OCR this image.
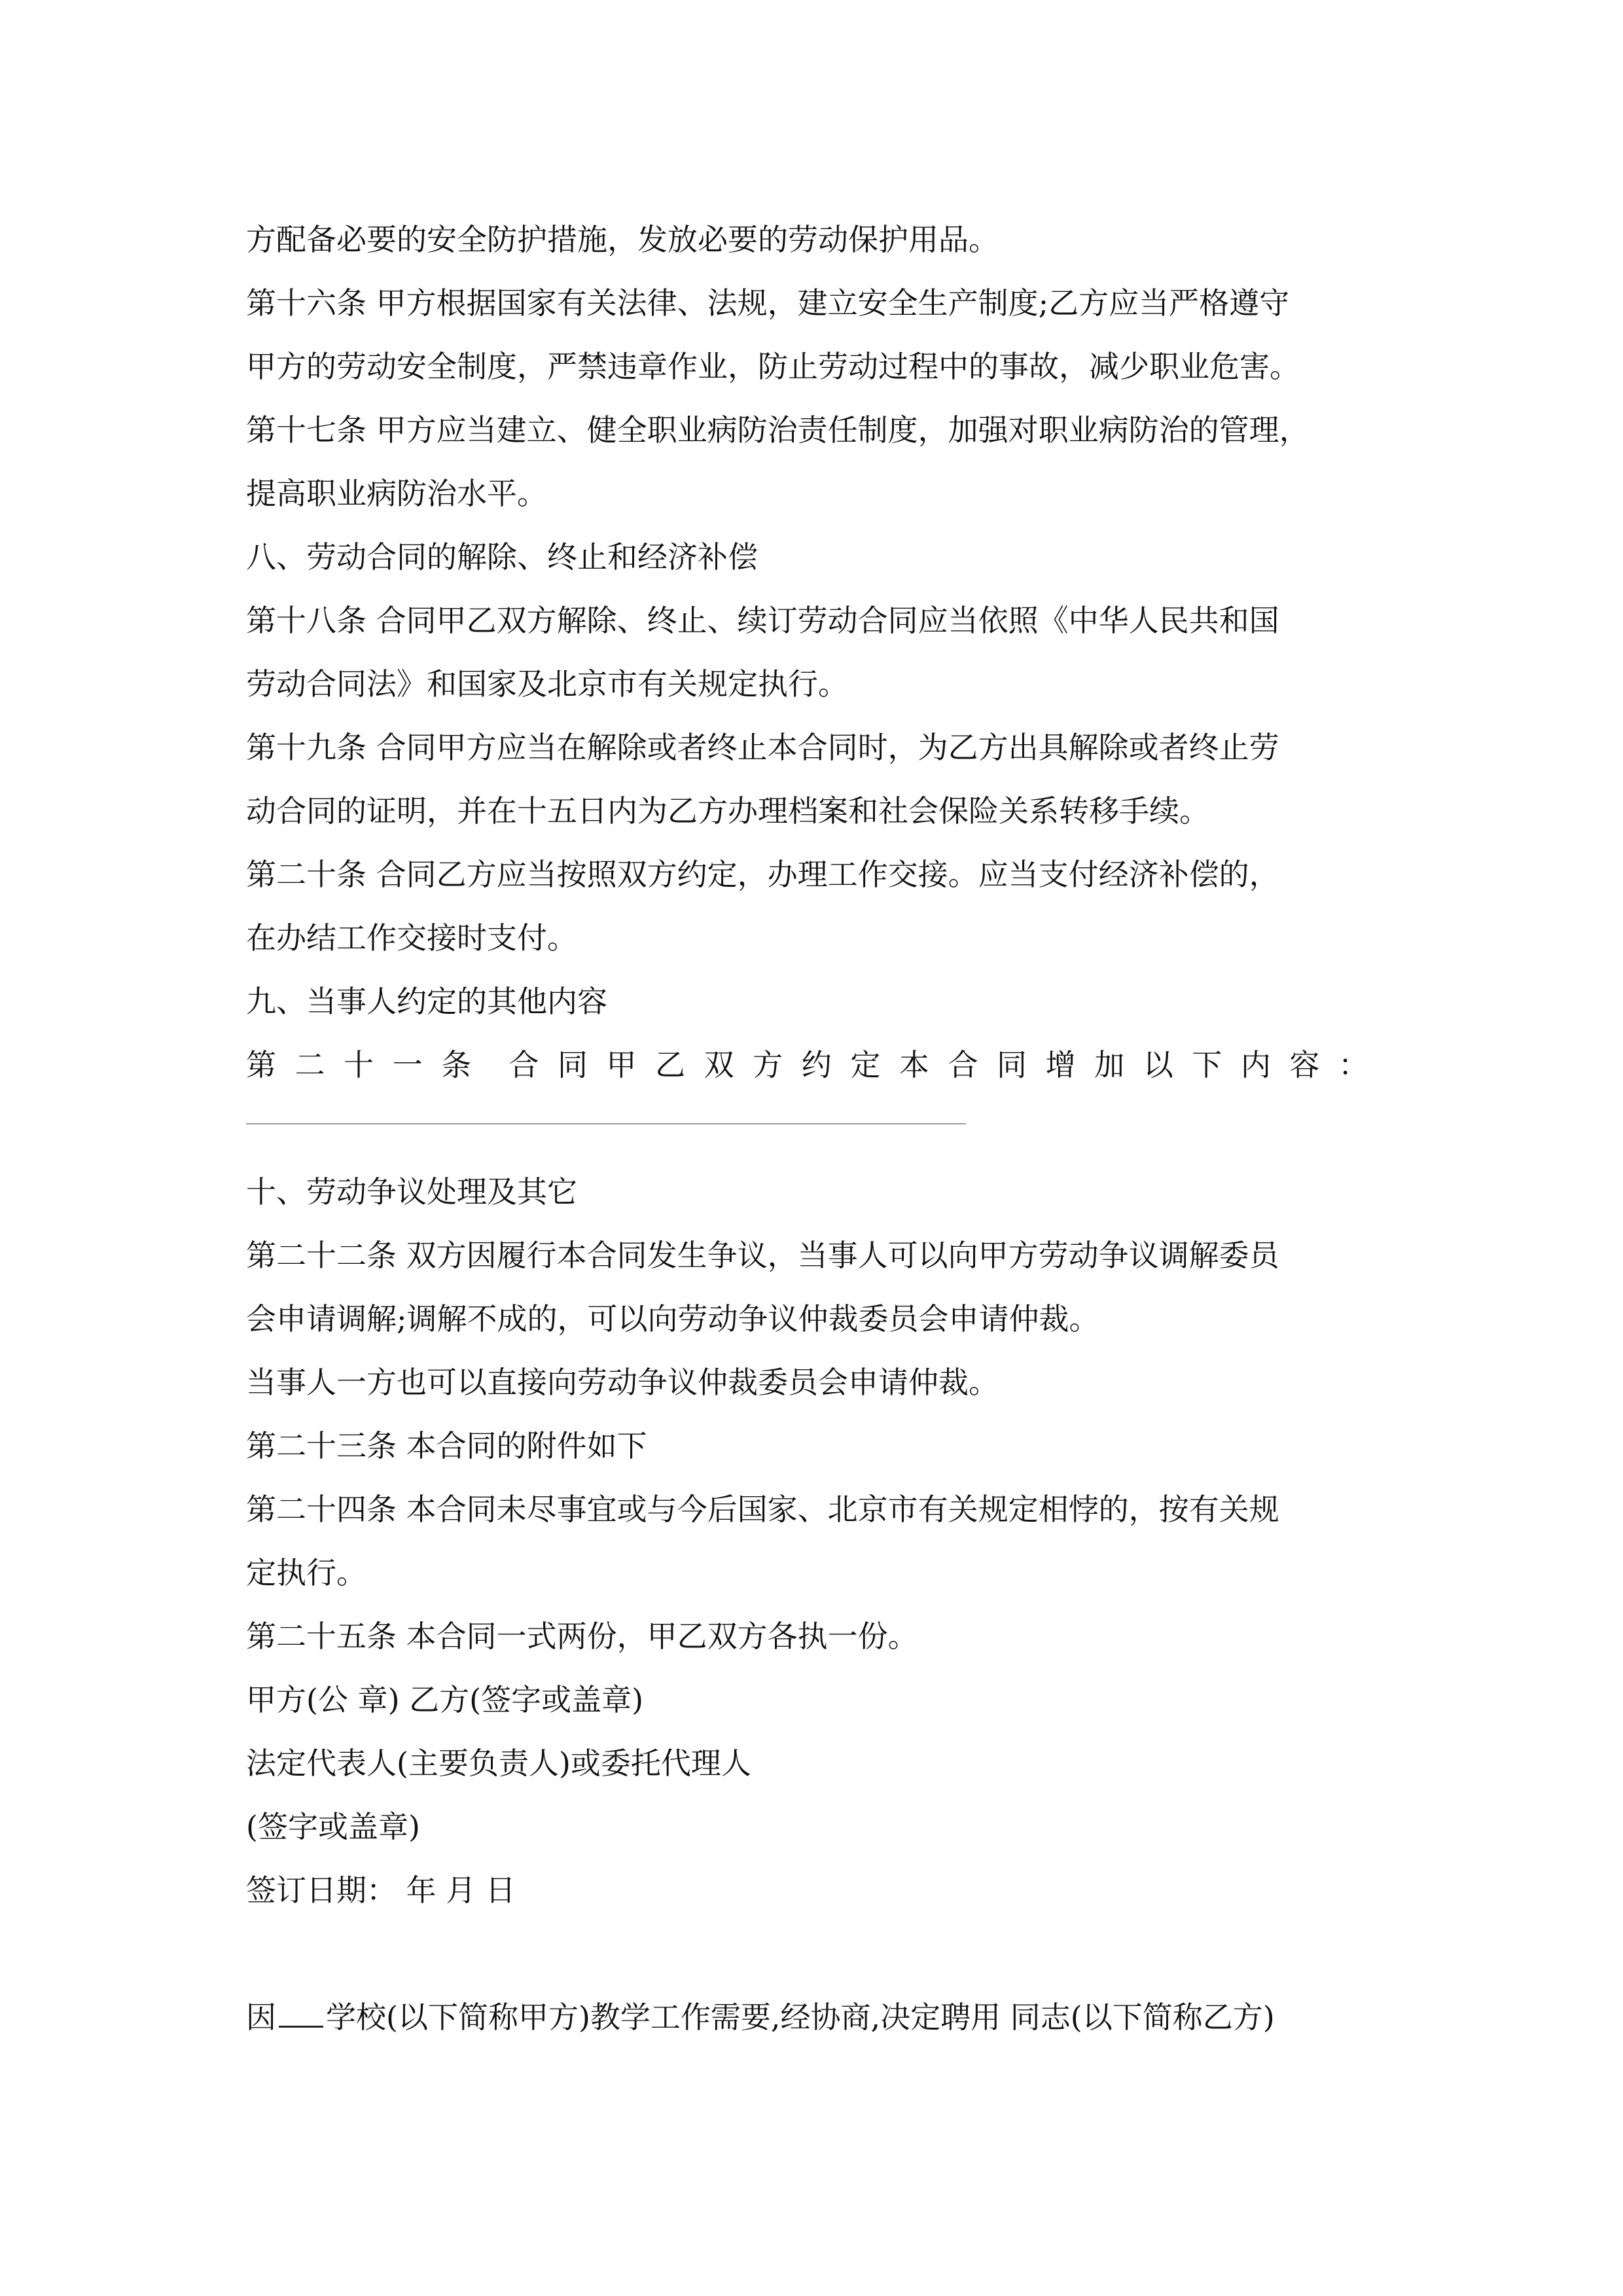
方配备必要的安全防护措施，发放必要的劳动保护用品。
第十六条 甲方根据国家有关法律、法规，建立安全生产制度;乙方应当严格遵守
甲方的劳动安全制度，严禁违章作业，防止劳动过程中的事故，减少职业危害。
第十七条 甲方应当建立、健全职业病防治责任制度，加强对职业病防治的管理，
提高职业病防治水平。
八、劳动合同的解除、终止和经济补偿
第十八条 合同甲乙双方解除、终止、续订劳动合同应当依照《中华人民共和国
劳动合同法》和国家及北京市有关规定执行。
第十九条 合同甲方应当在解除或者终止本合同时，为乙方出具解除或者终止劳
动合同的证明，并在十五日内为乙方办理档案和社会保险关系转移手续。
第二十条 合同乙方应当按照双方约定，办理工作交接。应当支付经济补偿的，
在办结工作交接时支付。
九、当事人约定的其他内容
第 二 十 一 条 合 同 甲 乙 双 方 约 定 本 合 同 增 加 以 下 内 容 ：
十、劳动争议处理及其它
第二十二条 双方因履行本合同发生争议，当事人可以向甲方劳动争议调解委员
会申请调解;调解不成的，可以向劳动争议仲裁委员会申请仲裁。
当事人一方也可以直接向劳动争议仲裁委员会申请仲裁。
第二十三条 本合同的附件如下
第二十四条 本合同未尽事宜或与今后国家、北京市有关规定相悖的，按有关规
定执行。
第二十五条 本合同一式两份，甲乙双方各执一份。
甲方(公 章) 乙方(签字或盖章)
法定代表人(主要负责人)或委托代理人
(签字或盖章)
签订日期： 年 月 日
因 学校(以下简称甲方)教学工作需要,经协商,决定聘用 同志(以下简称乙方)
